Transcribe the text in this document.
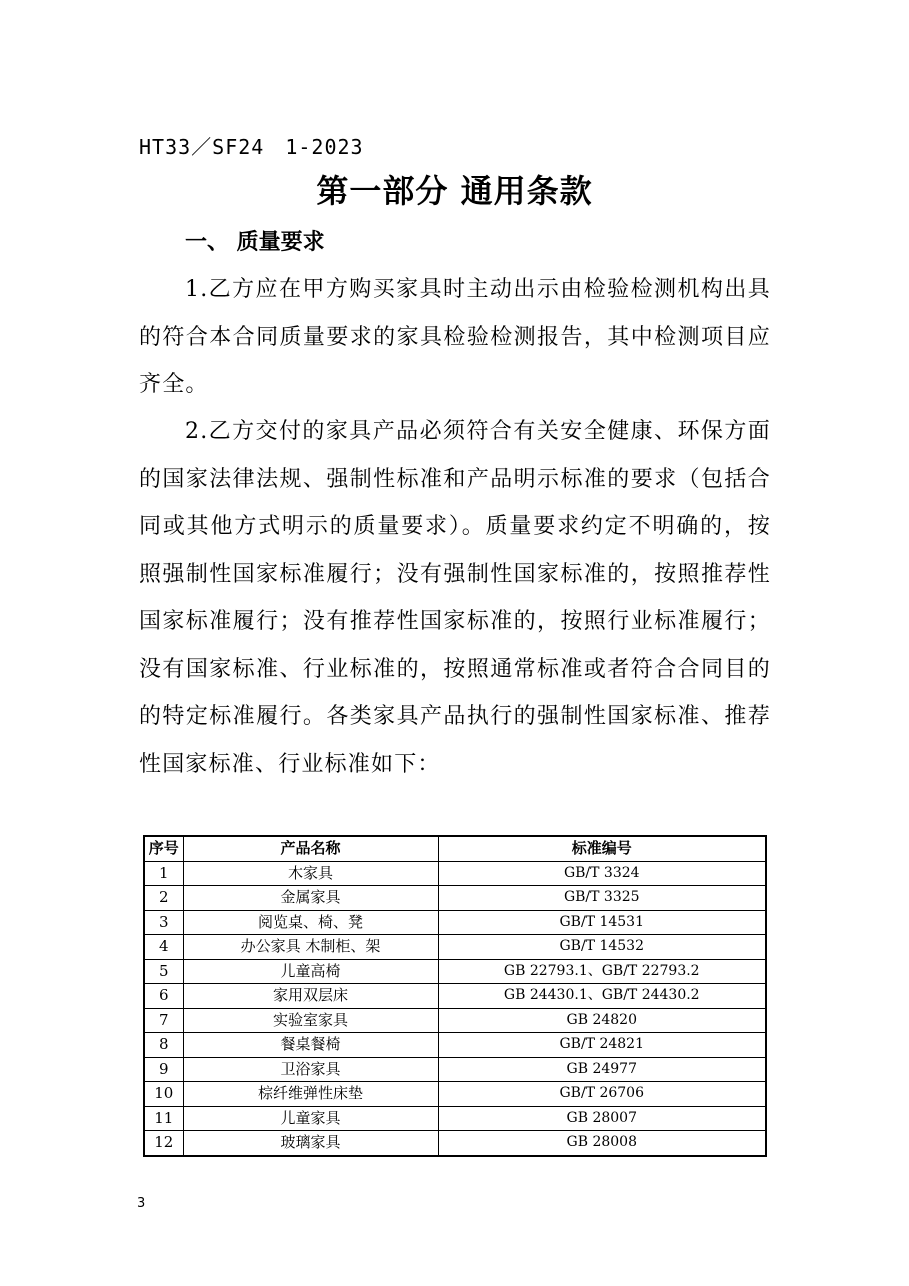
HT33／SF24　1-2023
第一部分 通用条款
一、 质量要求

1.乙方应在甲方购买家具时主动出示由检验检测机构出具的符合本合同质量要求的家具检验检测报告，其中检测项目应齐全。

2.乙方交付的家具产品必须符合有关安全健康、环保方面的国家法律法规、强制性标准和产品明示标准的要求（包括合同或其他方式明示的质量要求）。质量要求约定不明确的，按照强制性国家标准履行；没有强制性国家标准的，按照推荐性国家标准履行；没有推荐性国家标准的，按照行业标准履行；没有国家标准、行业标准的，按照通常标准或者符合合同目的的特定标准履行。各类家具产品执行的强制性国家标准、推荐性国家标准、行业标准如下：

序号	产品名称	标准编号
1	木家具	GB/T 3324
2	金属家具	GB/T 3325
3	阅览桌、椅、凳	GB/T 14531
4	办公家具 木制柜、架	GB/T 14532
5	儿童高椅	GB 22793.1、GB/T 22793.2
6	家用双层床	GB 24430.1、GB/T 24430.2
7	实验室家具	GB 24820
8	餐桌餐椅	GB/T 24821
9	卫浴家具	GB 24977
10	棕纤维弹性床垫	GB/T 26706
11	儿童家具	GB 28007
12	玻璃家具	GB 28008
3
